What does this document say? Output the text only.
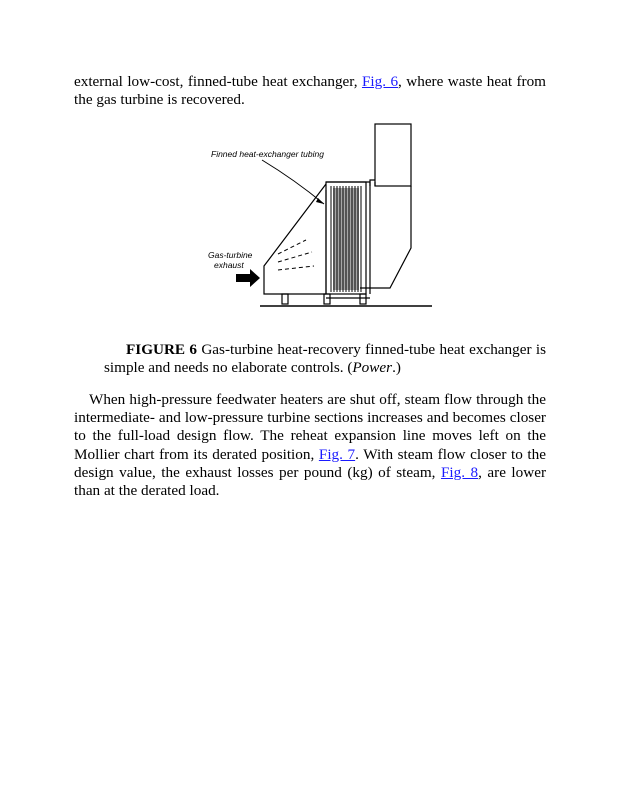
external low-cost, finned-tube heat exchanger, Fig. 6, where waste heat from the gas turbine is recovered.

Finned heat-exchanger tubing
Gas-turbine
exhaust

FIGURE 6 Gas-turbine heat-recovery finned-tube heat exchanger is simple and needs no elaborate controls. (Power.)

When high-pressure feedwater heaters are shut off, steam flow through the intermediate- and low-pressure turbine sections increases and becomes closer to the full-load design flow. The reheat expansion line moves left on the Mollier chart from its derated position, Fig. 7. With steam flow closer to the design value, the exhaust losses per pound (kg) of steam, Fig. 8, are lower than at the derated load.
